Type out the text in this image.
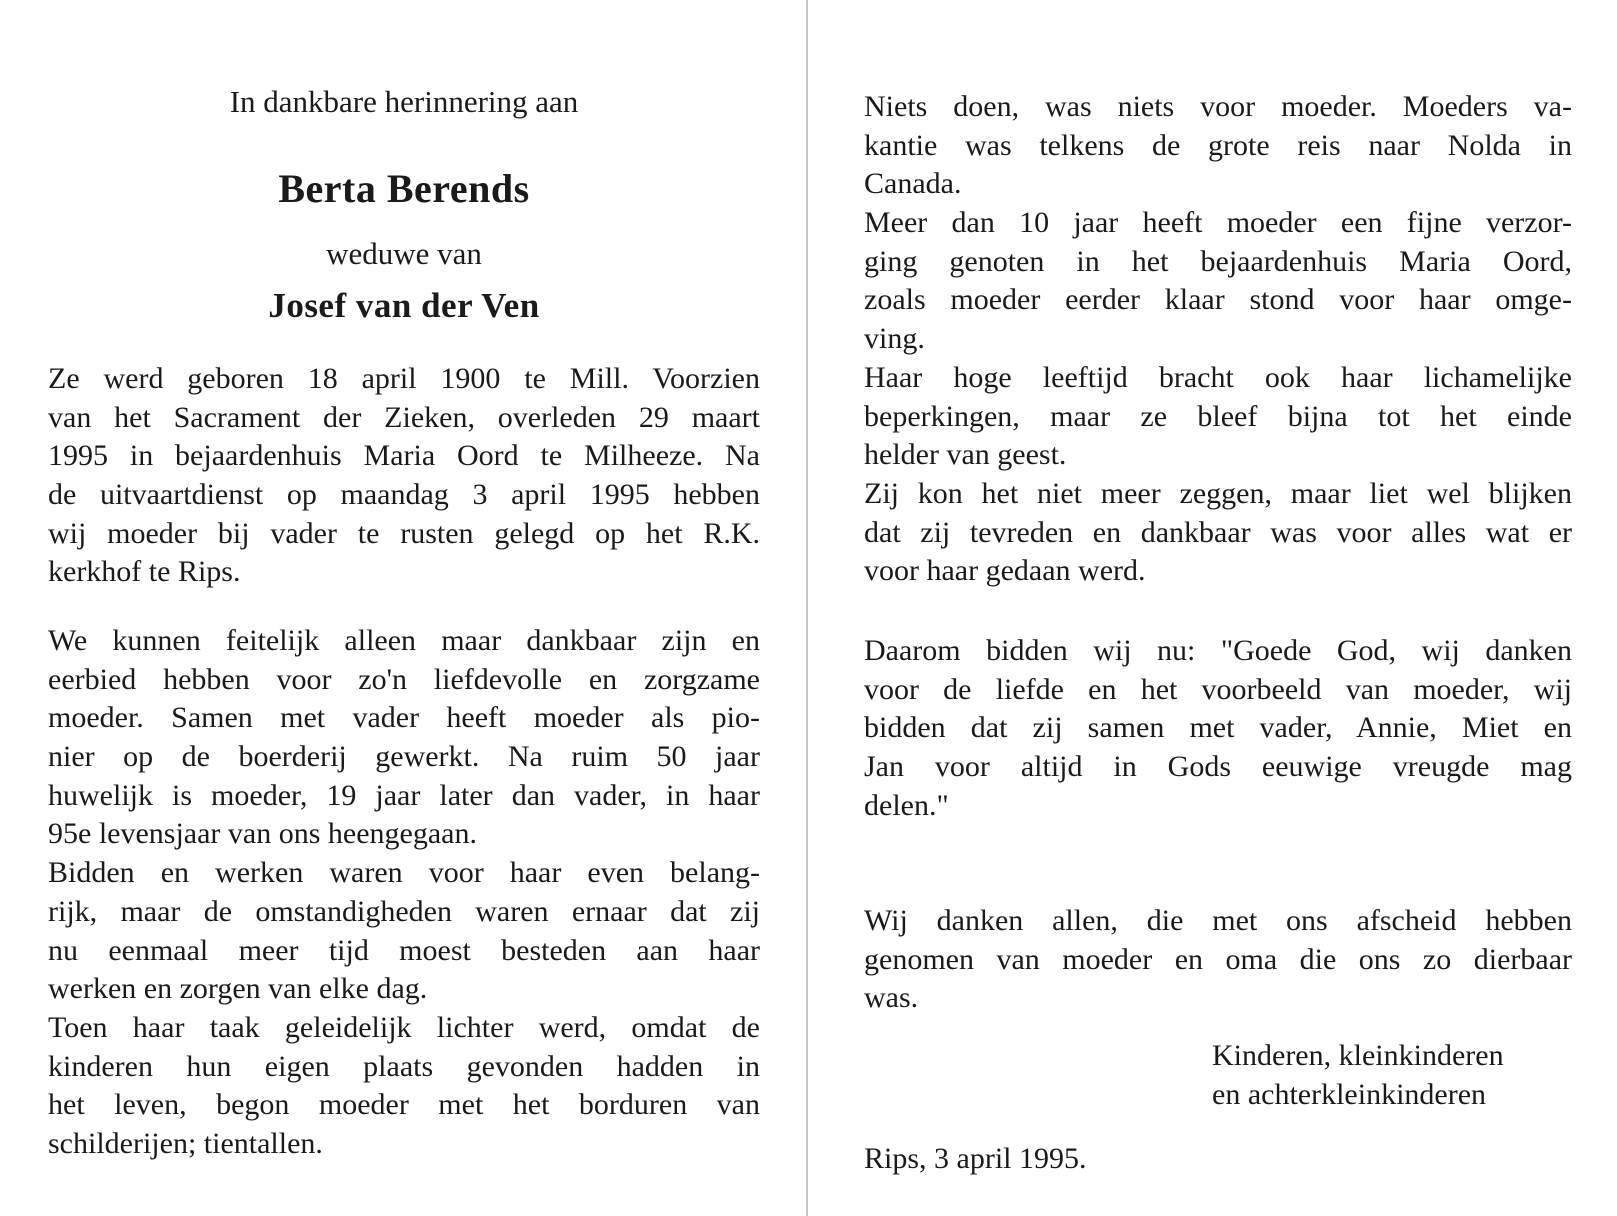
In dankbare herinnering aan

Berta Berends

weduwe van

Josef van der Ven

Ze werd geboren 18 april 1900 te Mill. Voorzien
van het Sacrament der Zieken, overleden 29 maart
1995 in bejaardenhuis Maria Oord te Milheeze. Na
de uitvaartdienst op maandag 3 april 1995 hebben
wij moeder bij vader te rusten gelegd op het R.K.
kerkhof te Rips.
We kunnen feitelijk alleen maar dankbaar zijn en
eerbied hebben voor zo'n liefdevolle en zorgzame
moeder. Samen met vader heeft moeder als pio-
nier op de boerderij gewerkt. Na ruim 50 jaar
huwelijk is moeder, 19 jaar later dan vader, in haar
95e levensjaar van ons heengegaan.
Bidden en werken waren voor haar even belang-
rijk, maar de omstandigheden waren ernaar dat zij
nu eenmaal meer tijd moest besteden aan haar
werken en zorgen van elke dag.
Toen haar taak geleidelijk lichter werd, omdat de
kinderen hun eigen plaats gevonden hadden in
het leven, begon moeder met het borduren van
schilderijen; tientallen.
Niets doen, was niets voor moeder. Moeders va-
kantie was telkens de grote reis naar Nolda in
Canada.
Meer dan 10 jaar heeft moeder een fijne verzor-
ging genoten in het bejaardenhuis Maria Oord,
zoals moeder eerder klaar stond voor haar omge-
ving.
Haar hoge leeftijd bracht ook haar lichamelijke
beperkingen, maar ze bleef bijna tot het einde
helder van geest.
Zij kon het niet meer zeggen, maar liet wel blijken
dat zij tevreden en dankbaar was voor alles wat er
voor haar gedaan werd.
Daarom bidden wij nu: "Goede God, wij danken
voor de liefde en het voorbeeld van moeder, wij
bidden dat zij samen met vader, Annie, Miet en
Jan voor altijd in Gods eeuwige vreugde mag
delen."
Wij danken allen, die met ons afscheid hebben
genomen van moeder en oma die ons zo dierbaar
was.
Kinderen, kleinkinderen
en achterkleinkinderen

Rips, 3 april 1995.
